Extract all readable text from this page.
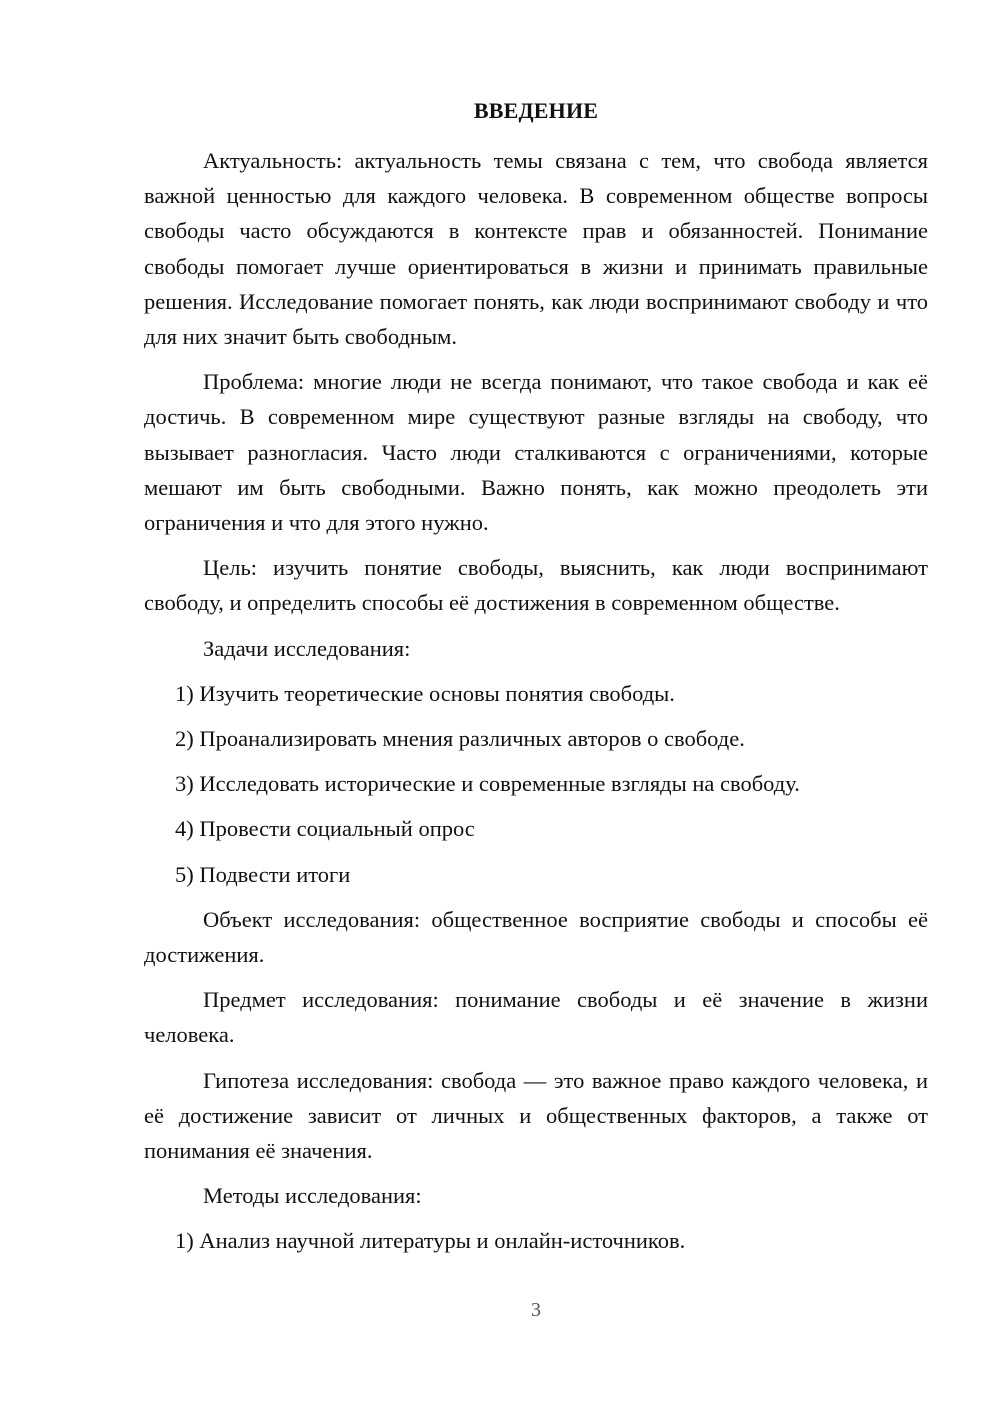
ВВЕДЕНИЕ

Актуальность: актуальность темы связана с тем, что свобода является важной ценностью для каждого человека. В современном обществе вопросы свободы часто обсуждаются в контексте прав и обязанностей. Понимание свободы помогает лучше ориентироваться в жизни и принимать правильные решения. Исследование помогает понять, как люди воспринимают свободу и что для них значит быть свободным.

Проблема: многие люди не всегда понимают, что такое свобода и как её достичь. В современном мире существуют разные взгляды на свободу, что вызывает разногласия. Часто люди сталкиваются с ограничениями, которые мешают им быть свободными. Важно понять, как можно преодолеть эти ограничения и что для этого нужно.

Цель: изучить понятие свободы, выяснить, как люди воспринимают свободу, и определить способы её достижения в современном обществе.

Задачи исследования:

1) Изучить теоретические основы понятия свободы.

2) Проанализировать мнения различных авторов о свободе.

3) Исследовать исторические и современные взгляды на свободу.

4) Провести социальный опрос

5) Подвести итоги

Объект исследования: общественное восприятие свободы и способы её достижения.

Предмет исследования: понимание свободы и её значение в жизни человека.

Гипотеза исследования: свобода — это важное право каждого человека, и её достижение зависит от личных и общественных факторов, а также от понимания её значения.

Методы исследования:

1) Анализ научной литературы и онлайн-источников.

3
